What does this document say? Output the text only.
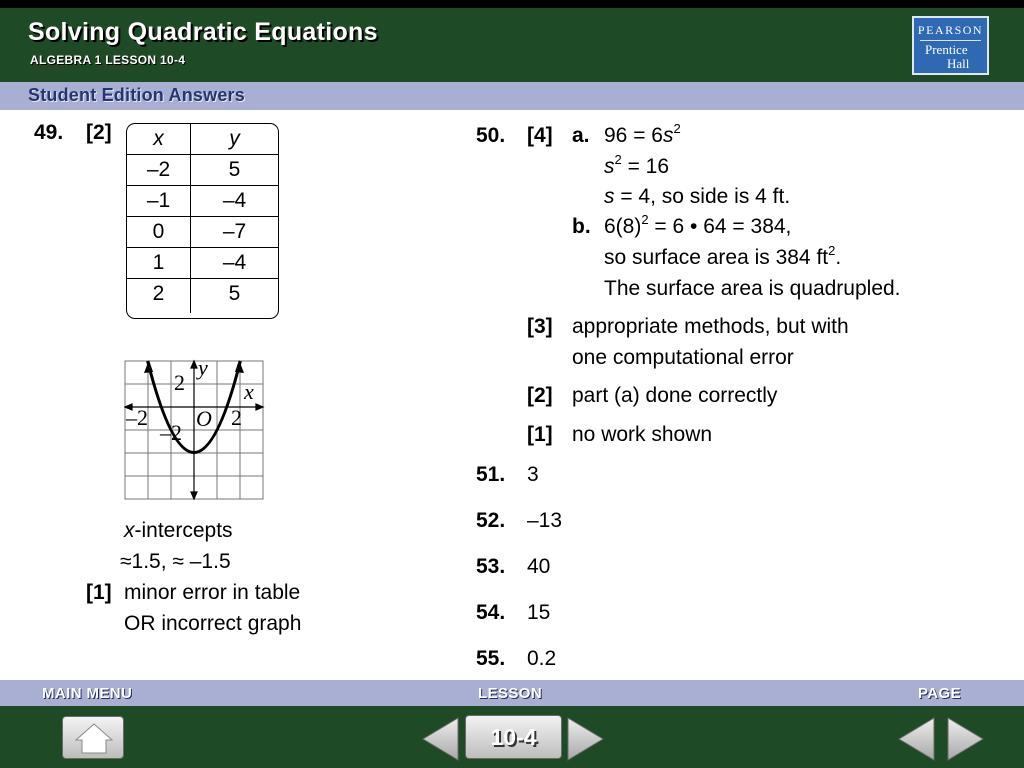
Solving Quadratic Equations
ALGEBRA 1 LESSON 10-4
PEARSON
Prentice
Hall
Student Edition Answers
49. [2]	x	y
–2	5
–1	–4
0	–7
1	–4
2	5
2
y
x
–2 O 2
–2
x-intercepts
≈1.5, ≈ –1.5
[1] minor error in table
OR incorrect graph
50. [4] a. $96 = 6s^2$
$s^2 = 16$
s = 4, so side is 4 ft.
b. $6(8)^2 = 6$ • 64 = 384,
so surface area is 384 $ft^2$.
The surface area is quadrupled.
[3] appropriate methods, but with
one computational error
[2] part (a) done correctly
[1] no work shown
51. 3
52. –13
53. 40
54. 15
55. 0.2
MAIN MENU	LESSON	PAGE
10-4
